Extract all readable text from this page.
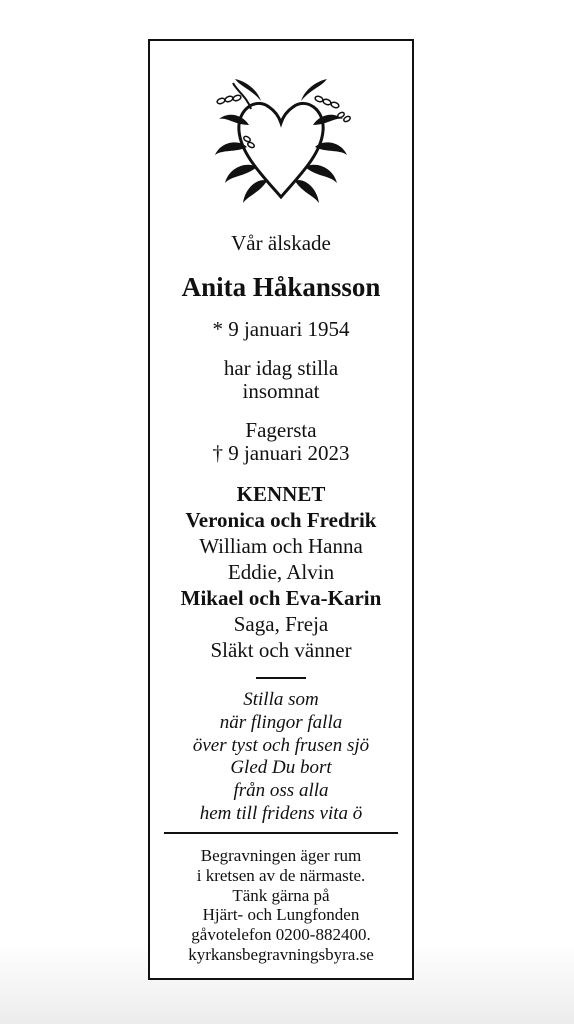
Vår älskade

Anita Håkansson

* 9 januari 1954

har idag stilla
insomnat
Fagersta
† 9 januari 2023
KENNET
Veronica och Fredrik
William och Hanna
Eddie, Alvin
Mikael och Eva-Karin
Saga, Freja
Släkt och vänner
Stilla som
när flingor falla
över tyst och frusen sjö
Gled Du bort
från oss alla
hem till fridens vita ö
Begravningen äger rum
i kretsen av de närmaste.
Tänk gärna på
Hjärt- och Lungfonden
gåvotelefon 0200-882400.
kyrkansbegravningsbyra.se
